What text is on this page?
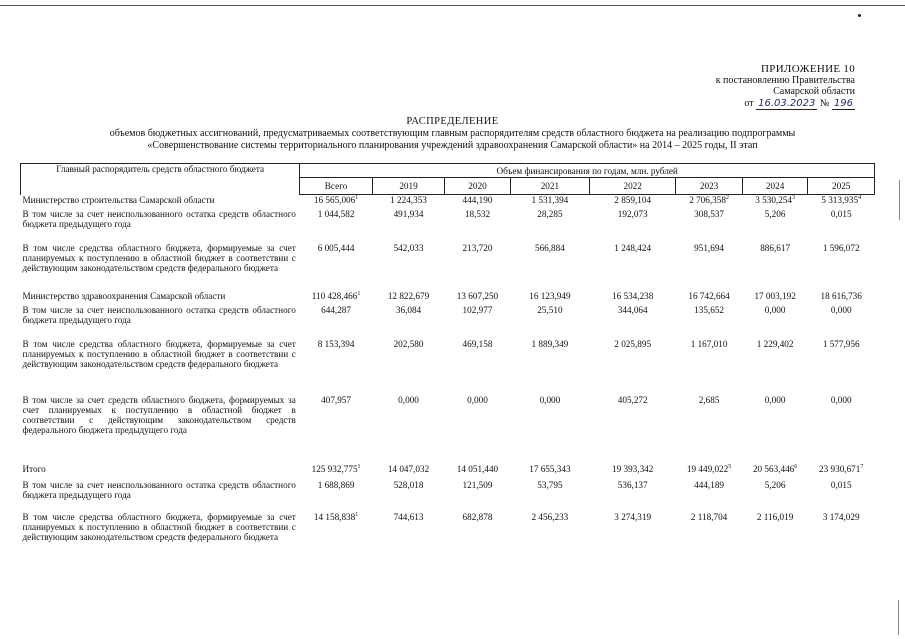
ПРИЛОЖЕНИЕ 10
к постановлению Правительства
Самарской области
от 16.03.2023 № 196
РАСПРЕДЕЛЕНИЕ
объемов бюджетных ассигнований, предусматриваемых соответствующим главным распорядителям средств областного бюджета на реализацию подпрограммы
«Совершенствование системы территориального планирования учреждений здравоохранения Самарской области» на 2014 – 2025 годы, II этап
Главный распорядитель средств областного бюджета	Объем финансирования по годам, млн. рублей							
	Всего	2019	2020	2021	2022	2023	2024	2025
Министерство строительства Самарской области	16 565,006$^1$	1 224,353	444,190	1 531,394	2 859,104	2 706,358$^2$	3 530,254$^3$	5 313,935$^4$
В том числе за счет неиспользованного остатка средств областного бюджета предыдущего года	1 044,582	491,934	18,532	28,285	192,073	308,537	5,206	0,015
В том числе средства областного бюджета, формируемые за счет планируемых к поступлению в областной бюджет в соответствии с действующим законодательством средств федерального бюджета	6 005,444	542,033	213,720	566,884	1 248,424	951,694	886,617	1 596,072
Министерство здравоохранения Самарской области	110 428,466$^1$	12 822,679	13 607,250	16 123,949	16 534,238	16 742,664	17 003,192	18 616,736
В том числе за счет неиспользованного остатка средств областного бюджета предыдущего года	644,287	36,084	102,977	25,510	344,064	135,652	0,000	0,000
В том числе средства областного бюджета, формируемые за счет планируемых к поступлению в областной бюджет в соответствии с действующим законодательством средств федерального бюджета	8 153,394	202,580	469,158	1 889,349	2 025,895	1 167,010	1 229,402	1 577,956
В том числе за счет средств областного бюджета, формируемых за счет планируемых к поступлению в областной бюджет в соответствии с действующим законодательством средств федерального бюджета предыдущего года	407,957	0,000	0,000	0,000	405,272	2,685	0,000	0,000
Итого	125 932,775$^1$	14 047,032	14 051,440	17 655,343	19 393,342	19 449,022$^5$	20 563,446$^6$	23 930,671$^7$
В том числе за счет неиспользованного остатка средств областного бюджета предыдущего года	1 688,869	528,018	121,509	53,795	536,137	444,189	5,206	0,015
В том числе средства областного бюджета, формируемые за счет планируемых к поступлению в областной бюджет в соответствии с действующим законодательством средств федерального бюджета	14 158,838$^1$	744,613	682,878	2 456,233	3 274,319	2 118,704	2 116,019	3 174,029
